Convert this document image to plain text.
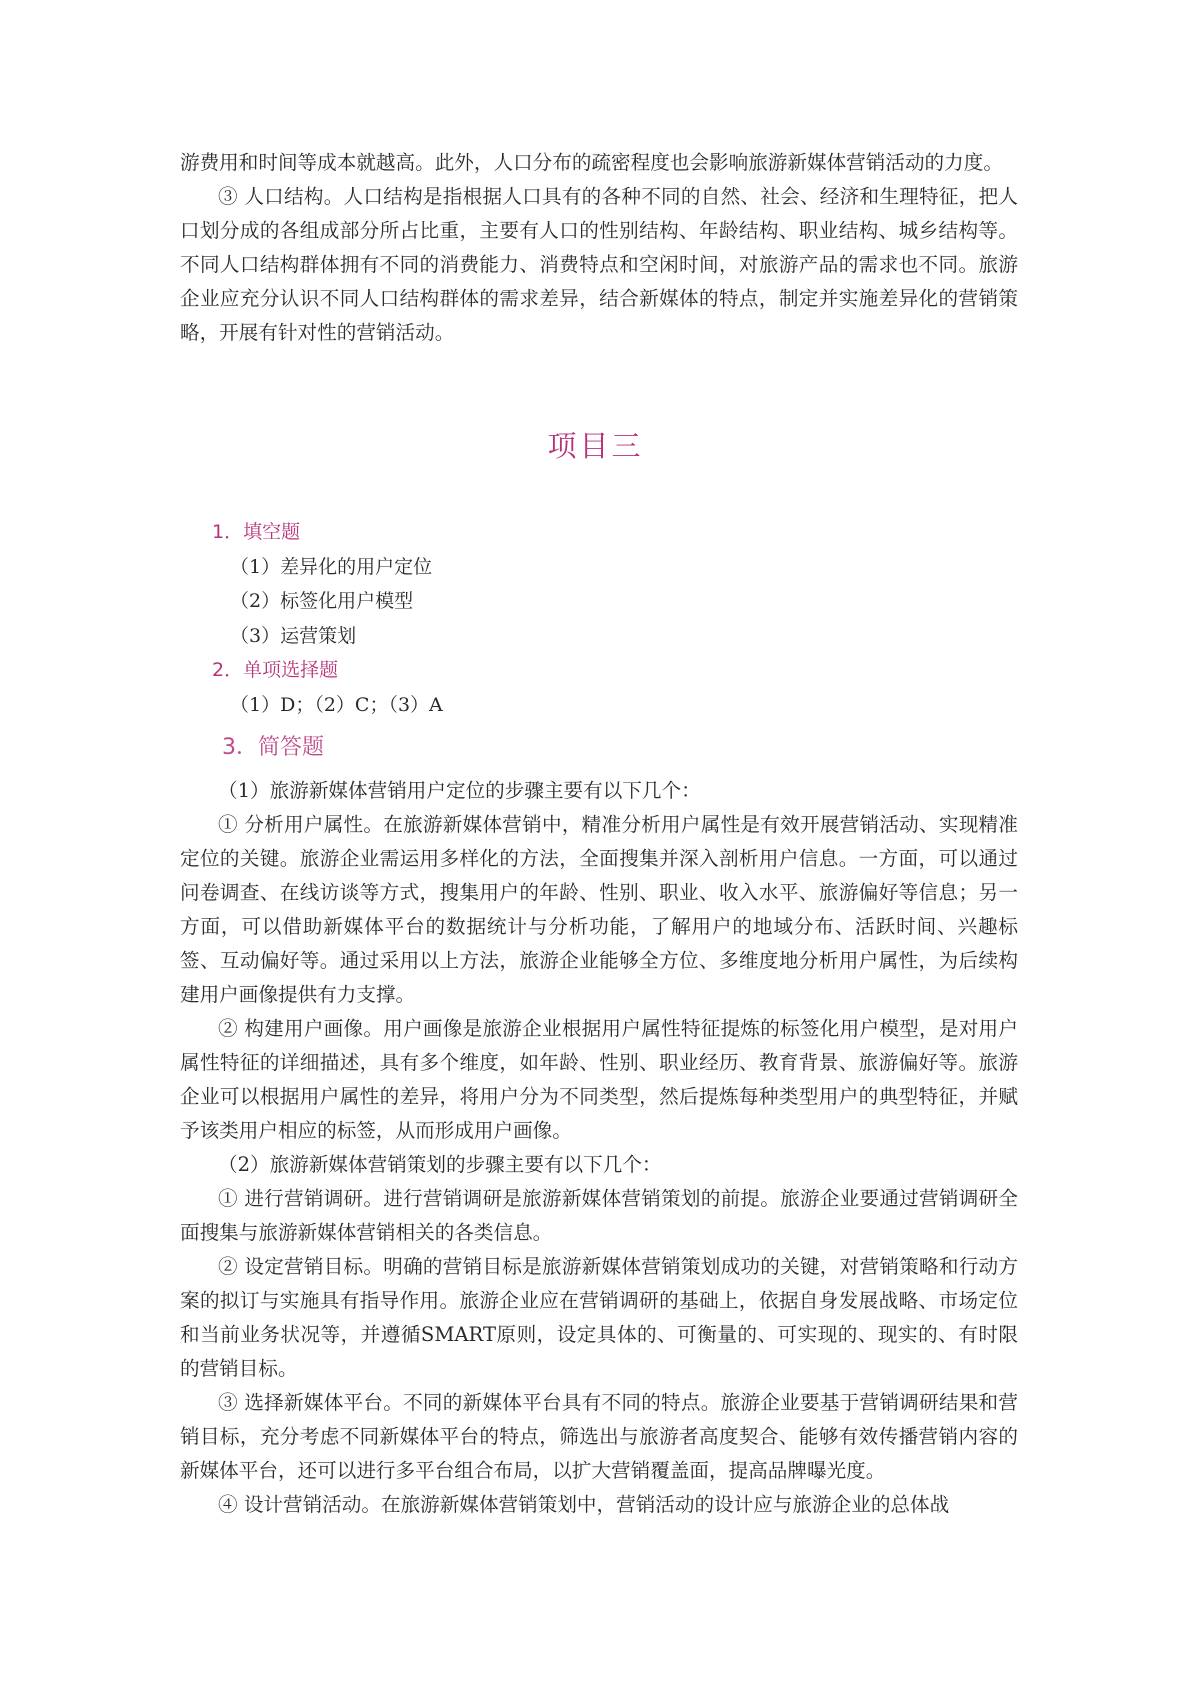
游费用和时间等成本就越高。此外，人口分布的疏密程度也会影响旅游新媒体营销活动的力度。

③ 人口结构。人口结构是指根据人口具有的各种不同的自然、社会、经济和生理特征，把人口划分成的各组成部分所占比重，主要有人口的性别结构、年龄结构、职业结构、城乡结构等。不同人口结构群体拥有不同的消费能力、消费特点和空闲时间，对旅游产品的需求也不同。旅游企业应充分认识不同人口结构群体的需求差异，结合新媒体的特点，制定并实施差异化的营销策略，开展有针对性的营销活动。

项目三
1．填空题
（1）差异化的用户定位
（2）标签化用户模型
（3）运营策划
2．单项选择题
（1）D；（2）C；（3）A
3．简答题

（1）旅游新媒体营销用户定位的步骤主要有以下几个：

① 分析用户属性。在旅游新媒体营销中，精准分析用户属性是有效开展营销活动、实现精准定位的关键。旅游企业需运用多样化的方法，全面搜集并深入剖析用户信息。一方面，可以通过问卷调查、在线访谈等方式，搜集用户的年龄、性别、职业、收入水平、旅游偏好等信息；另一方面，可以借助新媒体平台的数据统计与分析功能，了解用户的地域分布、活跃时间、兴趣标签、互动偏好等。通过采用以上方法，旅游企业能够全方位、多维度地分析用户属性，为后续构建用户画像提供有力支撑。

② 构建用户画像。用户画像是旅游企业根据用户属性特征提炼的标签化用户模型，是对用户属性特征的详细描述，具有多个维度，如年龄、性别、职业经历、教育背景、旅游偏好等。旅游企业可以根据用户属性的差异，将用户分为不同类型，然后提炼每种类型用户的典型特征，并赋予该类用户相应的标签，从而形成用户画像。

（2）旅游新媒体营销策划的步骤主要有以下几个：

① 进行营销调研。进行营销调研是旅游新媒体营销策划的前提。旅游企业要通过营销调研全面搜集与旅游新媒体营销相关的各类信息。

② 设定营销目标。明确的营销目标是旅游新媒体营销策划成功的关键，对营销策略和行动方案的拟订与实施具有指导作用。旅游企业应在营销调研的基础上，依据自身发展战略、市场定位和当前业务状况等，并遵循SMART原则，设定具体的、可衡量的、可实现的、现实的、有时限的营销目标。

③ 选择新媒体平台。不同的新媒体平台具有不同的特点。旅游企业要基于营销调研结果和营销目标，充分考虑不同新媒体平台的特点，筛选出与旅游者高度契合、能够有效传播营销内容的新媒体平台，还可以进行多平台组合布局，以扩大营销覆盖面，提高品牌曝光度。

④ 设计营销活动。在旅游新媒体营销策划中，营销活动的设计应与旅游企业的总体战
